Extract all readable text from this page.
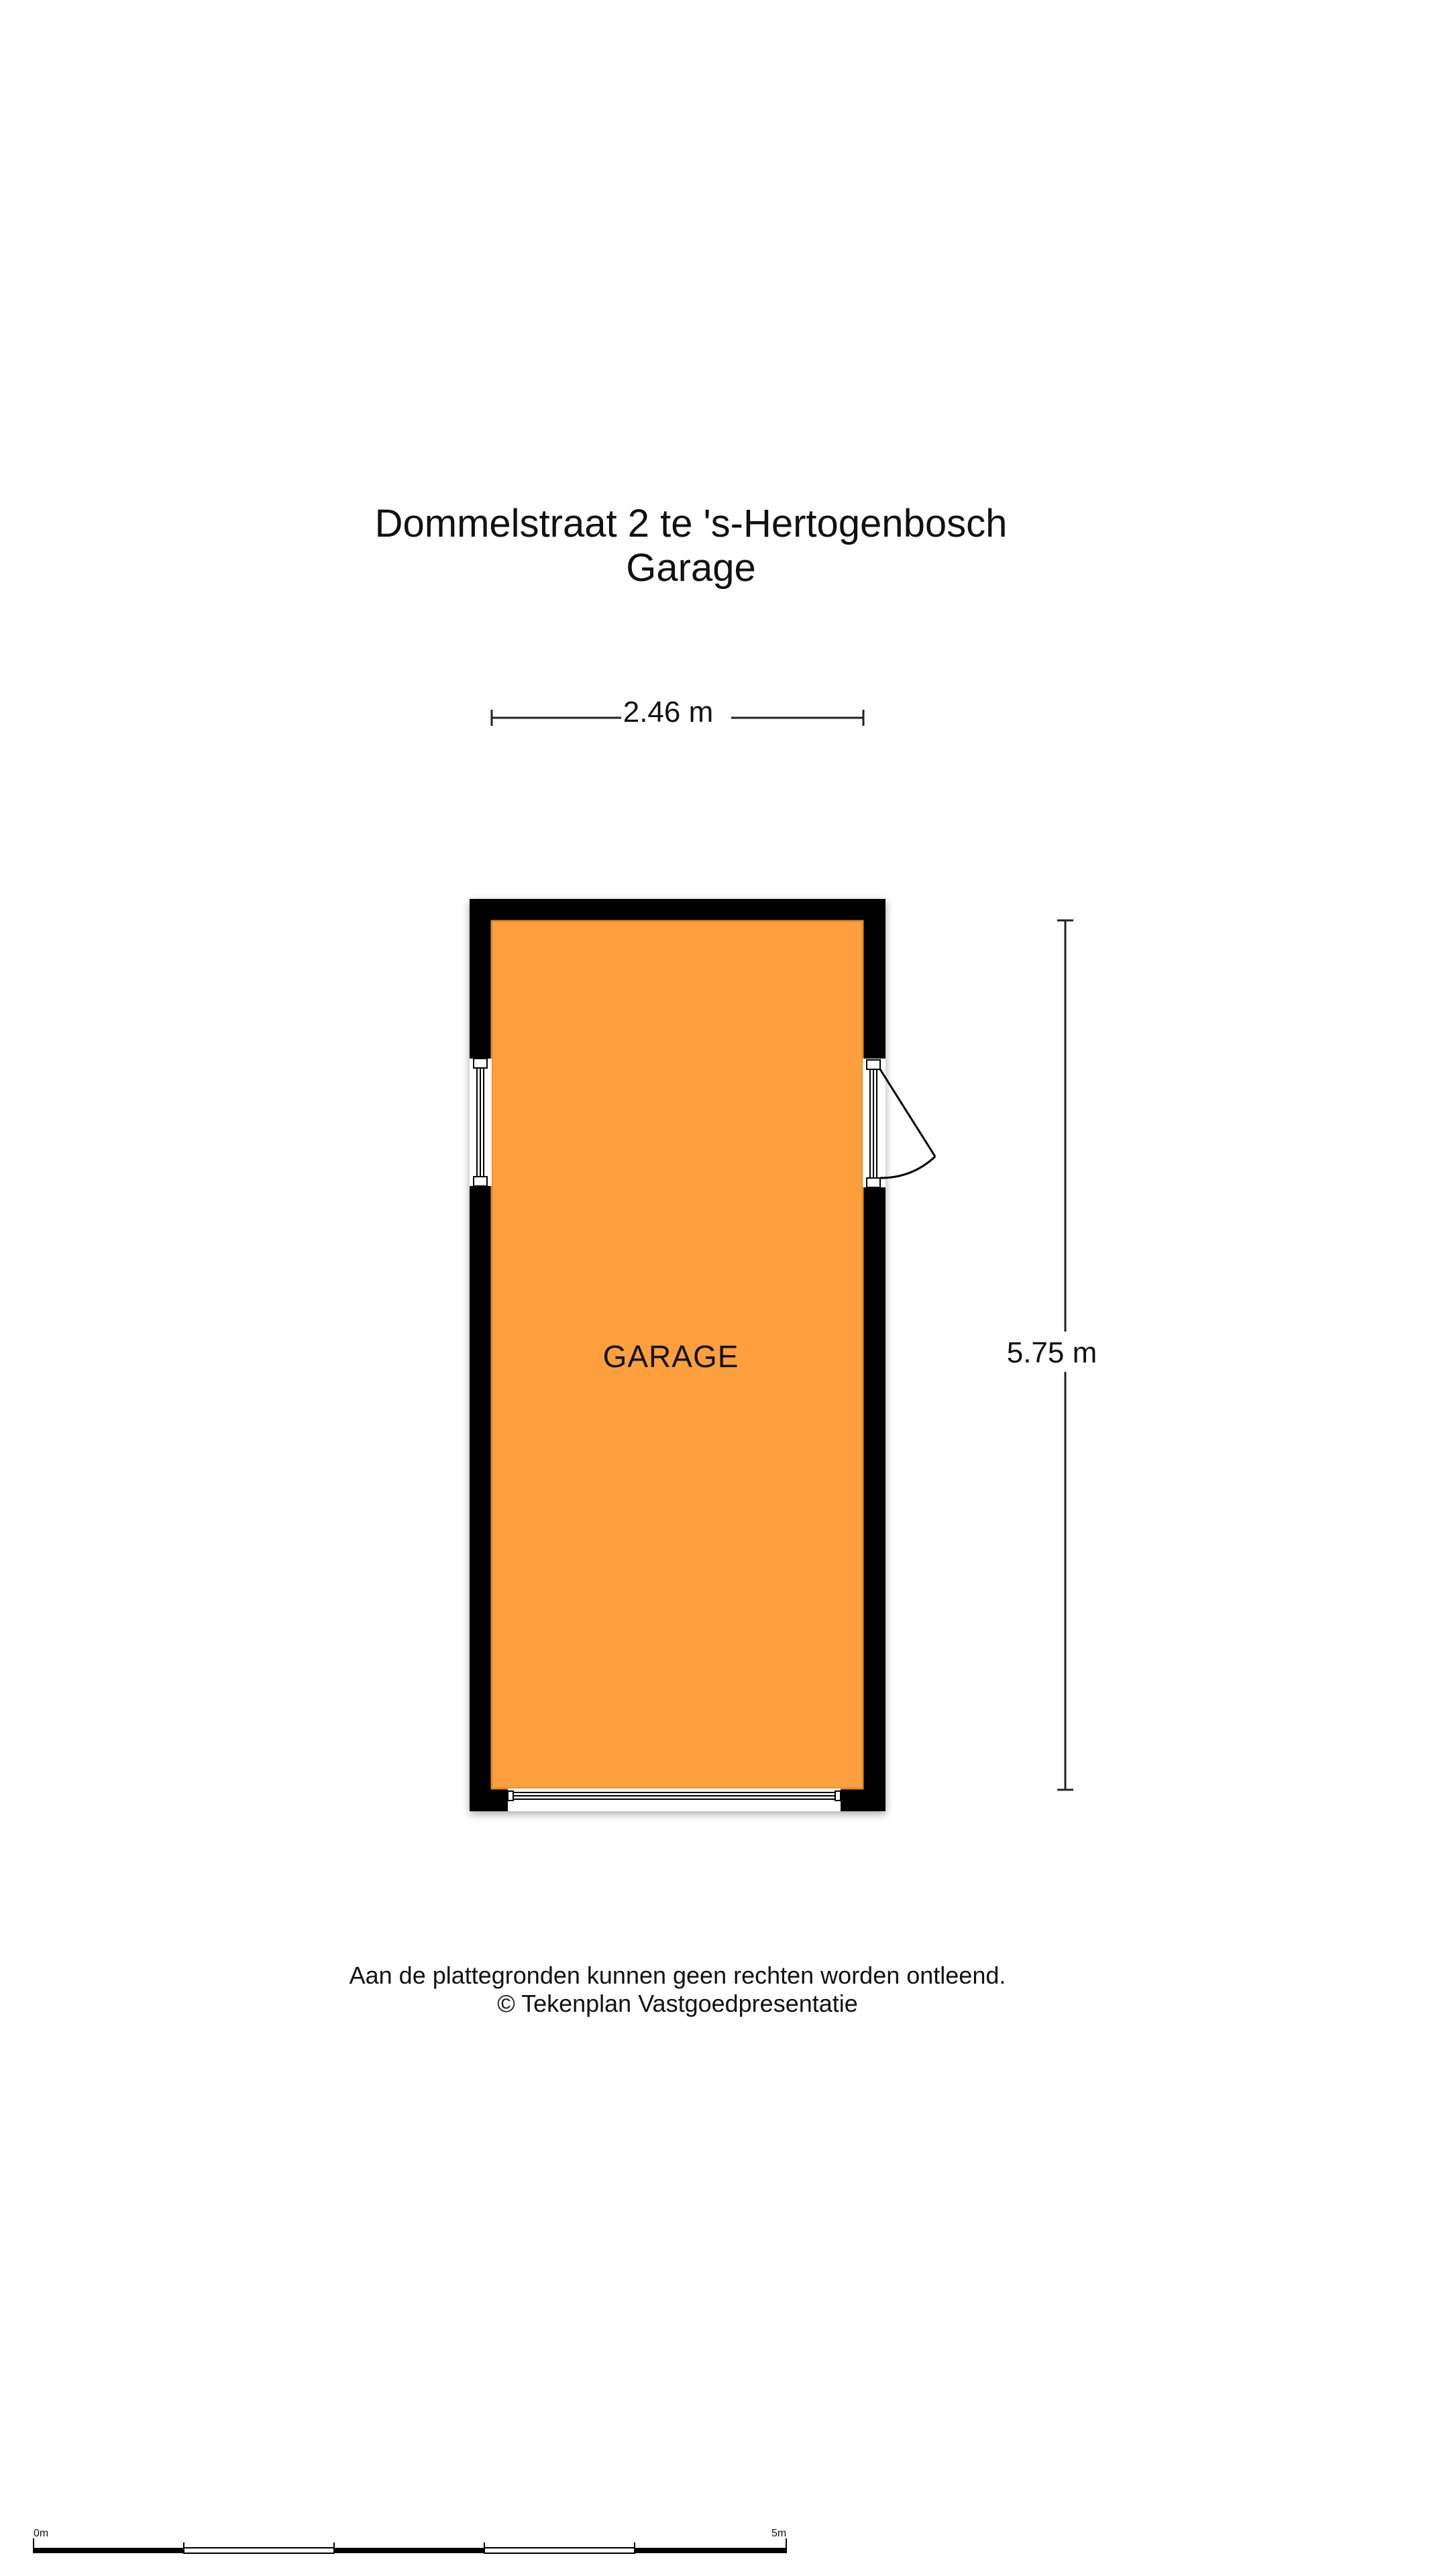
Dommelstraat 2 te 's-Hertogenbosch
Garage
2.46 m
5.75 m
GARAGE
Aan de plattegronden kunnen geen rechten worden ontleend.
© Tekenplan Vastgoedpresentatie
0m	5m
